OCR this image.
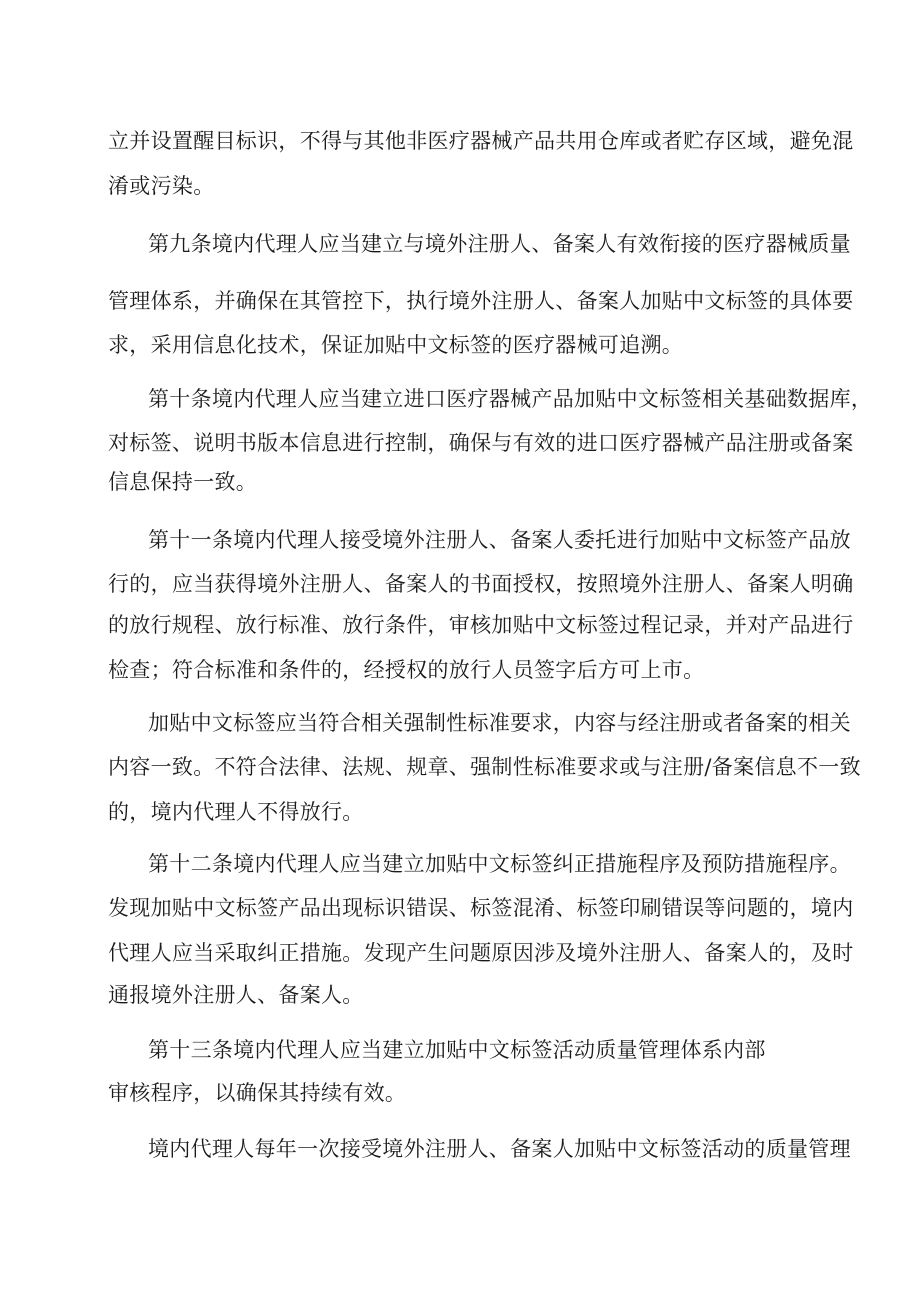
立并设置醒目标识，不得与其他非医疗器械产品共用仓库或者贮存区域，避免混

淆或污染。

第九条境内代理人应当建立与境外注册人、备案人有效衔接的医疗器械质量

管理体系，并确保在其管控下，执行境外注册人、备案人加贴中文标签的具体要

求，采用信息化技术，保证加贴中文标签的医疗器械可追溯。

第十条境内代理人应当建立进口医疗器械产品加贴中文标签相关基础数据库，

对标签、说明书版本信息进行控制，确保与有效的进口医疗器械产品注册或备案

信息保持一致。

第十一条境内代理人接受境外注册人、备案人委托进行加贴中文标签产品放

行的，应当获得境外注册人、备案人的书面授权，按照境外注册人、备案人明确

的放行规程、放行标准、放行条件，审核加贴中文标签过程记录，并对产品进行

检查；符合标准和条件的，经授权的放行人员签字后方可上市。

加贴中文标签应当符合相关强制性标准要求，内容与经注册或者备案的相关

内容一致。不符合法律、法规、规章、强制性标准要求或与注册/备案信息不一致

的，境内代理人不得放行。

第十二条境内代理人应当建立加贴中文标签纠正措施程序及预防措施程序。

发现加贴中文标签产品出现标识错误、标签混淆、标签印刷错误等问题的，境内

代理人应当采取纠正措施。发现产生问题原因涉及境外注册人、备案人的，及时

通报境外注册人、备案人。

第十三条境内代理人应当建立加贴中文标签活动质量管理体系内部

审核程序，以确保其持续有效。

境内代理人每年一次接受境外注册人、备案人加贴中文标签活动的质量管理
